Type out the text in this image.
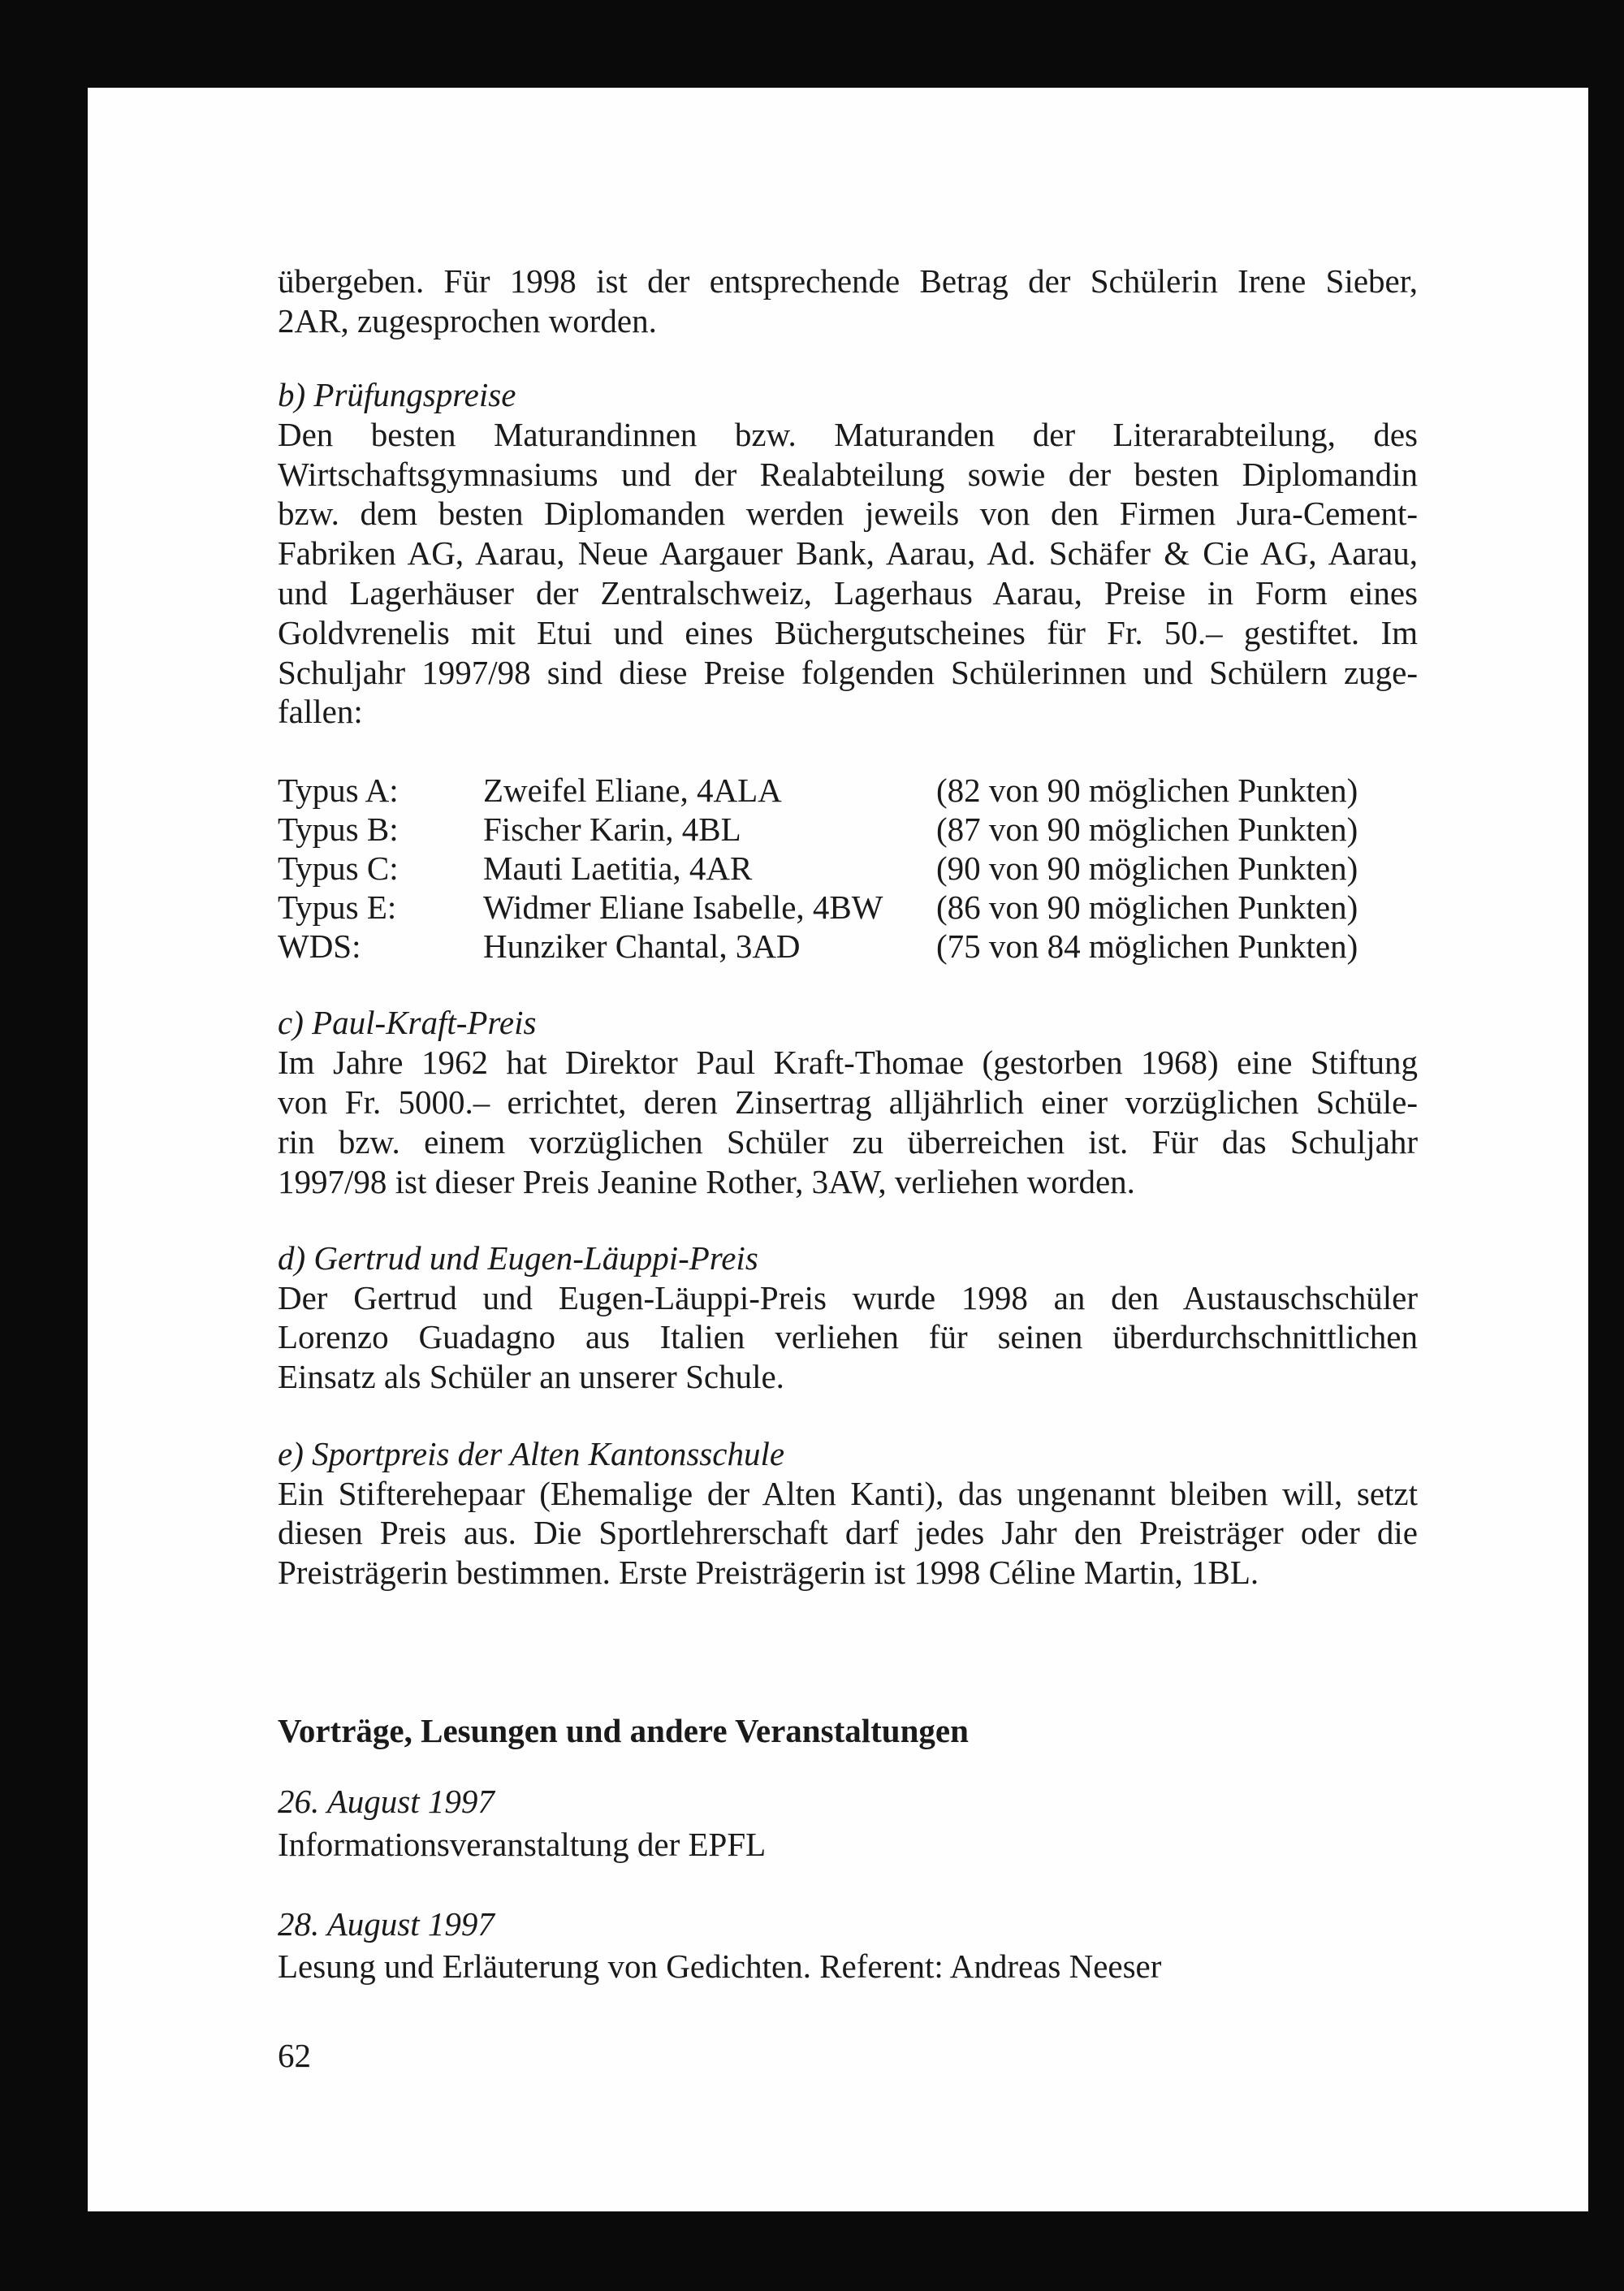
übergeben. Für 1998 ist der entsprechende Betrag der Schülerin Irene Sieber,
2AR, zugesprochen worden.
b) Prüfungspreise
Den besten Maturandinnen bzw. Maturanden der Literarabteilung, des
Wirtschaftsgymnasiums und der Realabteilung sowie der besten Diplomandin
bzw. dem besten Diplomanden werden jeweils von den Firmen Jura-Cement-
Fabriken AG, Aarau, Neue Aargauer Bank, Aarau, Ad. Schäfer & Cie AG, Aarau,
und Lagerhäuser der Zentralschweiz, Lagerhaus Aarau, Preise in Form eines
Goldvrenelis mit Etui und eines Büchergutscheines für Fr. 50.– gestiftet. Im
Schuljahr 1997/98 sind diese Preise folgenden Schülerinnen und Schülern zuge-
fallen:
Typus A:	Zweifel Eliane, 4ALA	(82 von 90 möglichen Punkten)
Typus B:	Fischer Karin, 4BL	(87 von 90 möglichen Punkten)
Typus C:	Mauti Laetitia, 4AR	(90 von 90 möglichen Punkten)
Typus E:	Widmer Eliane Isabelle, 4BW (86 von 90 möglichen Punkten)
WDS:	Hunziker Chantal, 3AD	(75 von 84 möglichen Punkten)
c) Paul-Kraft-Preis
Im Jahre 1962 hat Direktor Paul Kraft-Thomae (gestorben 1968) eine Stiftung
von Fr. 5000.– errichtet, deren Zinsertrag alljährlich einer vorzüglichen Schüle-
rin bzw. einem vorzüglichen Schüler zu überreichen ist. Für das Schuljahr
1997/98 ist dieser Preis Jeanine Rother, 3AW, verliehen worden.
d) Gertrud und Eugen-Läuppi-Preis
Der Gertrud und Eugen-Läuppi-Preis wurde 1998 an den Austauschschüler
Lorenzo Guadagno aus Italien verliehen für seinen überdurchschnittlichen
Einsatz als Schüler an unserer Schule.
e) Sportpreis der Alten Kantonsschule
Ein Stifterehepaar (Ehemalige der Alten Kanti), das ungenannt bleiben will, setzt
diesen Preis aus. Die Sportlehrerschaft darf jedes Jahr den Preisträger oder die
Preisträgerin bestimmen. Erste Preisträgerin ist 1998 Céline Martin, 1BL.
Vorträge, Lesungen und andere Veranstaltungen
26. August 1997
Informationsveranstaltung der EPFL
28. August 1997
Lesung und Erläuterung von Gedichten. Referent: Andreas Neeser
62
